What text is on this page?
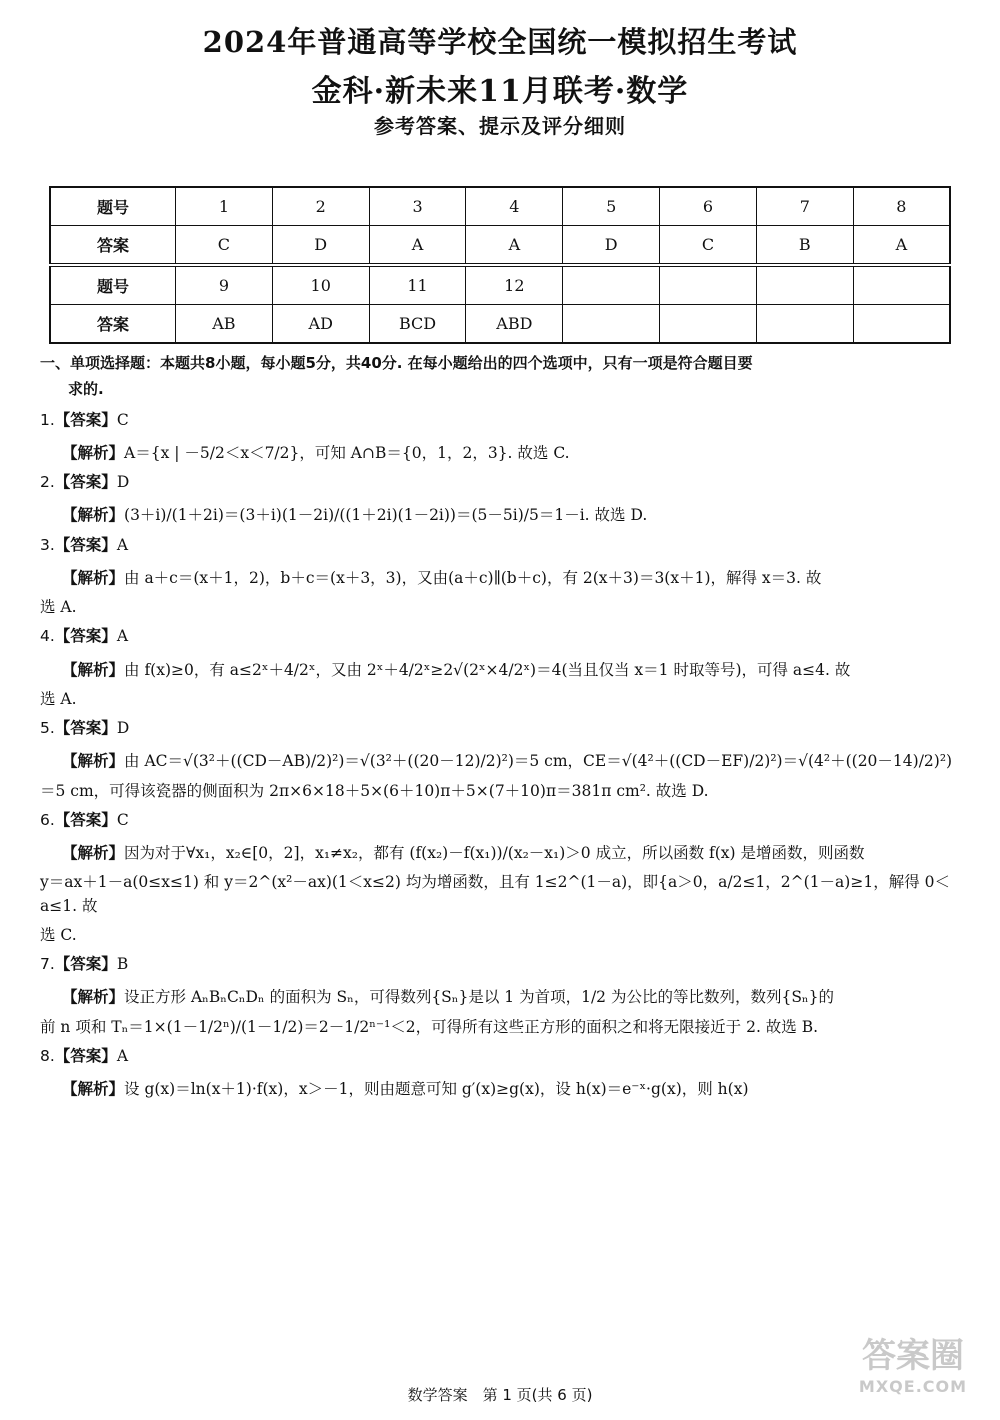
2024年普通高等学校全国统一模拟招生考试
金科·新未来11月联考·数学
参考答案、提示及评分细则
题号	1	2	3	4	5	6	7	8
答案	C	D	A	A	D	C	B	A
题号	9	10	11	12				
答案	AB	AD	BCD	ABD				
一、单项选择题：本题共8小题，每小题5分，共40分. 在每小题给出的四个选项中，只有一项是符合题目要
求的.
1.【答案】C
【解析】A＝{x | －5/2＜x＜7/2}，可知 A∩B＝{0，1，2，3}. 故选 C.
2.【答案】D
【解析】(3＋i)/(1＋2i)＝(3＋i)(1－2i)/((1＋2i)(1－2i))＝(5－5i)/5＝1－i. 故选 D.
3.【答案】A
【解析】由 a＋c＝(x＋1，2)，b＋c＝(x＋3，3)，又由(a＋c)∥(b＋c)，有 2(x＋3)＝3(x＋1)，解得 x＝3. 故
选 A.
4.【答案】A
【解析】由 f(x)≥0，有 a≤2ˣ＋4/2ˣ，又由 2ˣ＋4/2ˣ≥2√(2ˣ×4/2ˣ)＝4(当且仅当 x＝1 时取等号)，可得 a≤4. 故
选 A.
5.【答案】D
【解析】由 AC＝√(3²＋((CD－AB)/2)²)＝√(3²＋((20－12)/2)²)＝5 cm，CE＝√(4²＋((CD－EF)/2)²)＝√(4²＋((20－14)/2)²)
＝5 cm，可得该瓷器的侧面积为 2π×6×18＋5×(6＋10)π＋5×(7＋10)π＝381π cm². 故选 D.
6.【答案】C
【解析】因为对于∀x₁，x₂∈[0，2]，x₁≠x₂，都有 (f(x₂)－f(x₁))/(x₂－x₁)＞0 成立，所以函数 f(x) 是增函数，则函数
y＝ax＋1－a(0≤x≤1) 和 y＝2^(x²－ax)(1＜x≤2) 均为增函数，且有 1≤2^(1－a)，即{a＞0，a/2≤1，2^(1－a)≥1，解得 0＜a≤1. 故
选 C.
7.【答案】B
【解析】设正方形 AₙBₙCₙDₙ 的面积为 Sₙ，可得数列{Sₙ}是以 1 为首项，1/2 为公比的等比数列，数列{Sₙ}的
前 n 项和 Tₙ＝1×(1－1/2ⁿ)/(1－1/2)＝2－1/2ⁿ⁻¹＜2，可得所有这些正方形的面积之和将无限接近于 2. 故选 B.
8.【答案】A
【解析】设 g(x)＝ln(x＋1)·f(x)，x＞－1，则由题意可知 g′(x)≥g(x)，设 h(x)＝e⁻ˣ·g(x)，则 h(x)
数学答案　第 1 页(共 6 页)
答案圈
MXQE.COM
